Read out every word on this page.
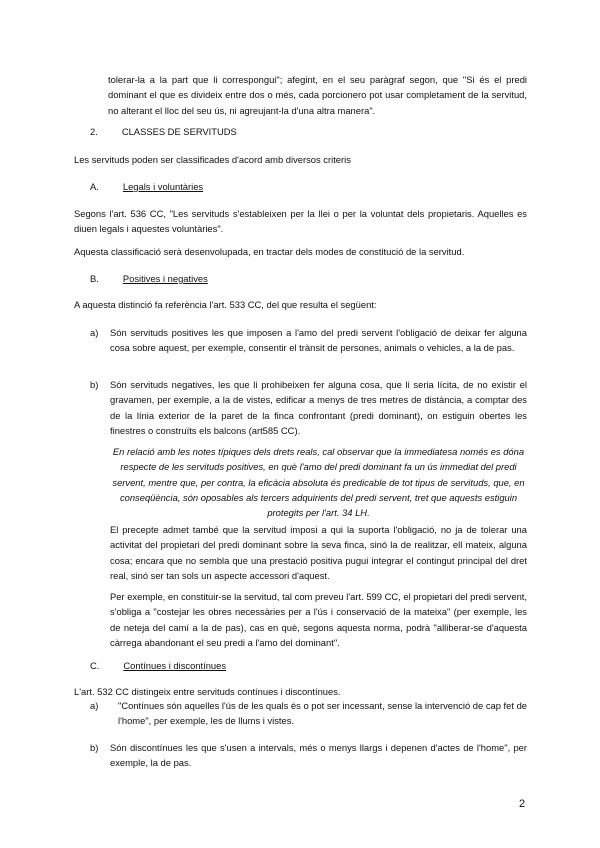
tolerar-la a la part que li correspongui"; afegint, en el seu paràgraf segon, que "Si és el predi dominant el que es divideix entre dos o més, cada porcionero pot usar completament de la servitud, no alterant el lloc del seu ús, ni agreujant-la d'una altra manera".

2.	CLASSES DE SERVITUDS

Les servituds poden ser classificades d'acord amb diversos criteris

A.	Legals i voluntàries

Segons l'art. 536 CC, "Les servituds s'estableixen per la llei o per la voluntat dels propietaris. Aquelles es diuen legals i aquestes voluntàries".

Aquesta classificació serà desenvolupada, en tractar dels modes de constitució de la servitud.

B.	Positives i negatives

A aquesta distinció fa referència l'art. 533 CC, del que resulta el següent:

a)	Són servituds positives les que imposen a l'amo del predi servent l'obligació de deixar fer alguna cosa sobre aquest, per exemple, consentir el trànsit de persones, animals o vehicles, a la de pas.
b)	Són servituds negatives, les que li prohibeixen fer alguna cosa, que li seria lícita, de no existir el gravamen, per exemple, a la de vistes, edificar a menys de tres metres de distància, a comptar des de la línia exterior de la paret de la finca confrontant (predi dominant), on estiguin obertes les finestres o construïts els balcons (art585 CC).

En relació amb les notes típiques dels drets reals, cal observar que la immediatesa només es dóna respecte de les servituds positives, en què l'amo del predi dominant fa un ús immediat del predi servent, mentre que, per contra, la eficàcia absoluta és predicable de tot tipus de servituds, que, en conseqüència, són oposables als tercers adquirients del predi servent, tret que aquests estiguin protegits per l'art. 34 LH.

El precepte admet també que la servitud imposi a qui la suporta l'obligació, no ja de tolerar una activitat del propietari del predi dominant sobre la seva finca, sinó la de realitzar, ell mateix, alguna cosa; encara que no sembla que una prestació positiva pugui integrar el contingut principal del dret real, sinó ser tan sols un aspecte accessori d'aquest.

Per exemple, en constituir-se la servitud, tal com preveu l'art. 599 CC, el propietari del predi servent, s'obliga a "costejar les obres necessàries per a l'ús i conservació de la mateixa" (per exemple, les de neteja del camí a la de pas), cas en què, segons aquesta norma, podrà "alliberar-se d'aquesta càrrega abandonant el seu predi a l'amo del dominant".

C.	Contínues i discontínues

L'art. 532 CC distingeix entre servituds contínues i discontínues.

a)	"Contínues són aquelles l'ús de les quals és o pot ser incessant, sense la intervenció de cap fet de l'home", per exemple, les de llums i vistes.
b)	Són discontínues les que s'usen a intervals, més o menys llargs i depenen d'actes de l'home", per exemple, la de pas.
2
